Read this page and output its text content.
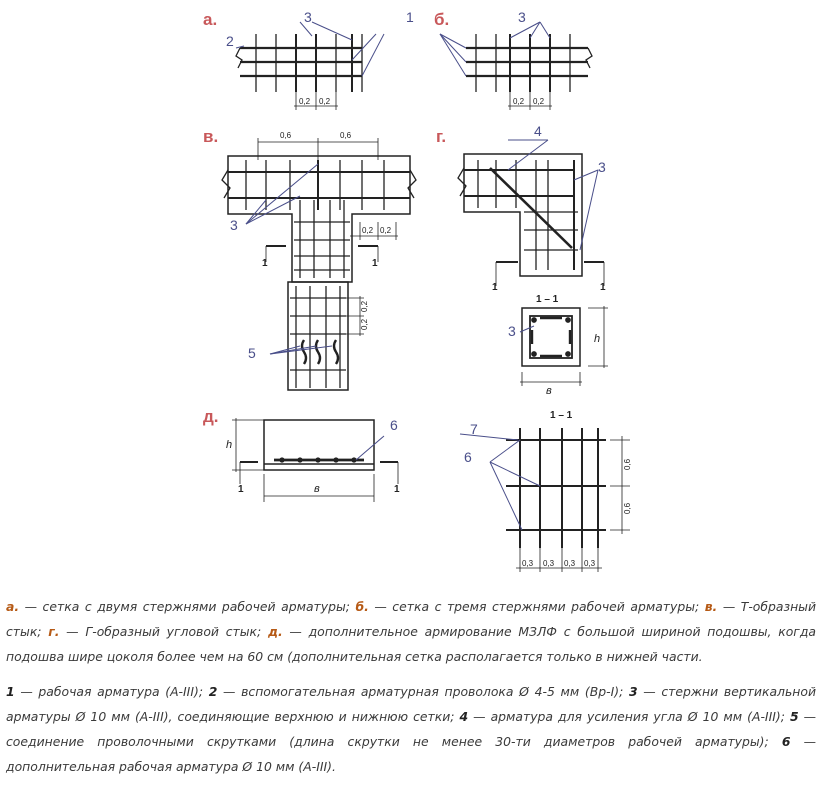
а.	б.
в.	г.
д.
3	1
2
3
3
4
3
3
5
6	7
6
0,2 0,2	0,2 0,2
0,6	0,6
0,2 0,2
0,2
0,2
0,6
0,6
0,3 0,3 0,3 0,3
1	1
1	1
1	1
1 – 1
1 – 1
h
в
h
в

а. — сетка с двумя стержнями рабочей арматуры; б. — сетка с тремя стержнями рабочей арматуры; в. — Т-образный стык; г. — Г-образный угловой стык; д. — дополнительное армирование МЗЛФ с большой шириной подошвы, когда подошва шире цоколя более чем на 60 см (дополнительная сетка располагается только в нижней части.

1 — рабочая арматура (А-III); 2 — вспомогательная арматурная проволока Ø 4-5 мм (Вр-I); 3 — стержни вертикальной арматуры Ø 10 мм (А-III), соединяющие верхнюю и нижнюю сетки; 4 — арматура для усиления угла Ø 10 мм (А-III); 5 — соединение проволочными скрутками (длина скрутки не менее 30-ти диаметров рабочей арматуры); 6 — дополнительная рабочая арматура Ø 10 мм (А-III).
